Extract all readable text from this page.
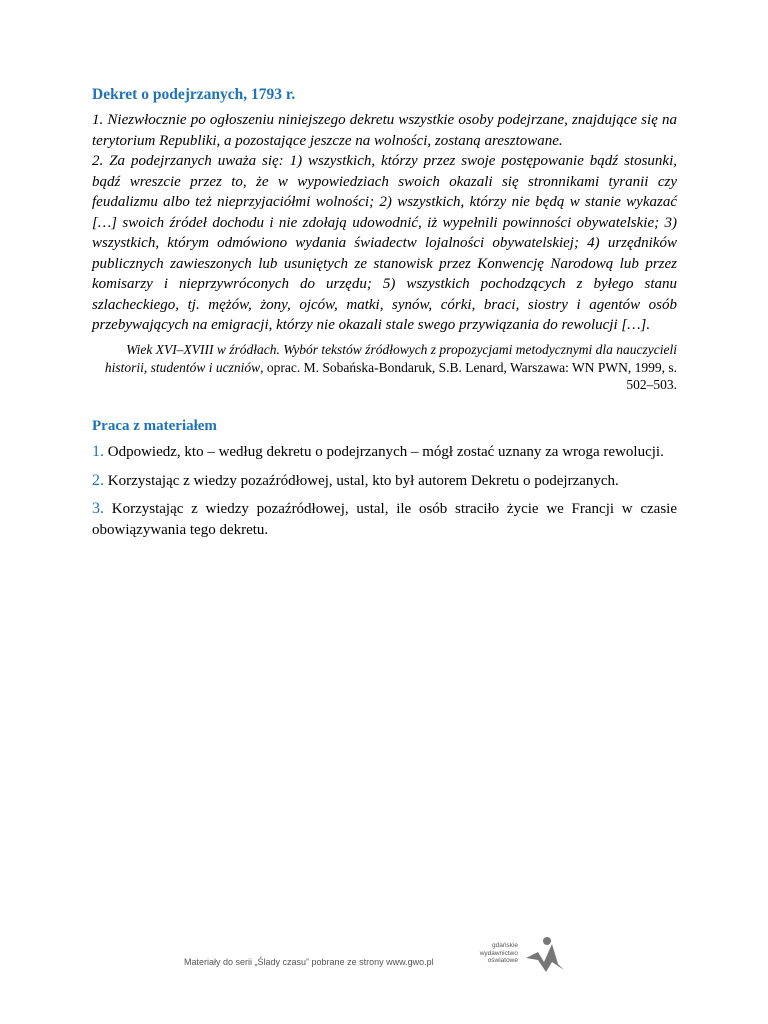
Dekret o podejrzanych, 1793 r.

1. Niezwłocznie po ogłoszeniu niniejszego dekretu wszystkie osoby podejrzane, znajdujące się na terytorium Republiki, a pozostające jeszcze na wolności, zostaną aresztowane.

2. Za podejrzanych uważa się: 1) wszystkich, którzy przez swoje postępowanie bądź stosunki, bądź wreszcie przez to, że w wypowiedziach swoich okazali się stronnikami tyranii czy feudalizmu albo też nieprzyjaciółmi wolności; 2) wszystkich, którzy nie będą w stanie wykazać […] swoich źródeł dochodu i nie zdołają udowodnić, iż wypełnili powinności obywatelskie; 3) wszystkich, którym odmówiono wydania świadectw lojalności obywatelskiej; 4) urzędników publicznych zawieszonych lub usuniętych ze stanowisk przez Konwencję Narodową lub przez komisarzy i nieprzywróconych do urzędu; 5) wszystkich pochodzących z byłego stanu szlacheckiego, tj. mężów, żony, ojców, matki, synów, córki, braci, siostry i agentów osób przebywających na emigracji, którzy nie okazali stale swego przywiązania do rewolucji […].

Wiek XVI–XVIII w źródłach. Wybór tekstów źródłowych z propozycjami metodycznymi dla nauczycieli historii, studentów i uczniów, oprac. M. Sobańska-Bondaruk, S.B. Lenard, Warszawa: WN PWN, 1999, s. 502–503.

Praca z materiałem
1. Odpowiedz, kto – według dekretu o podejrzanych – mógł zostać uznany za wroga rewolucji.
2. Korzystając z wiedzy pozaźródłowej, ustal, kto był autorem Dekretu o podejrzanych.
3. Korzystając z wiedzy pozaźródłowej, ustal, ile osób straciło życie we Francji w czasie obowiązywania tego dekretu.

Materiały do serii „Ślady czasu” pobrane ze strony www.gwo.pl

gdańskie
wydawnictwo
oświatowe
